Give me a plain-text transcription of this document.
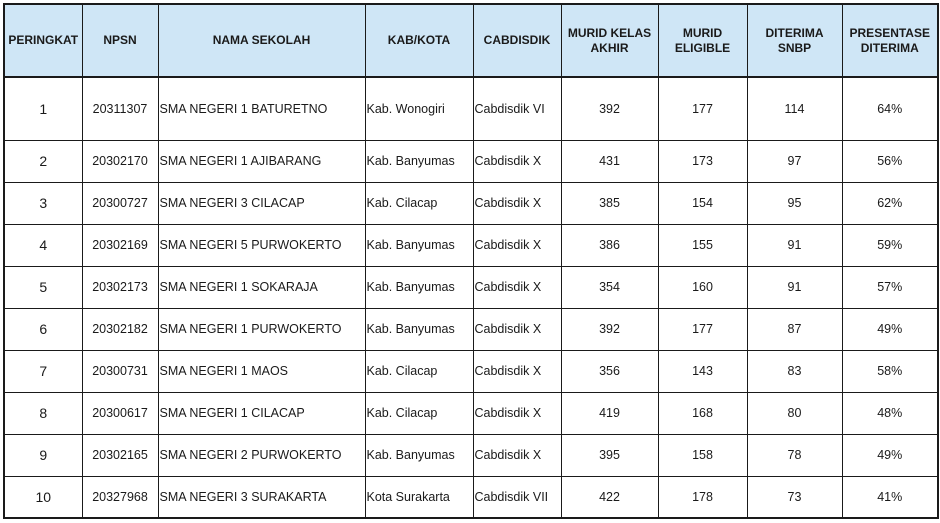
PERINGKAT	NPSN	NAMA SEKOLAH	KAB/KOTA	CABDISDIK	MURID KELAS AKHIR	MURID ELIGIBLE	DITERIMA SNBP	PRESENTASE DITERIMA
1	20311307	SMA NEGERI 1 BATURETNO	Kab. Wonogiri	Cabdisdik VI	392	177	114	64%
2	20302170	SMA NEGERI 1 AJIBARANG	Kab. Banyumas	Cabdisdik X	431	173	97	56%
3	20300727	SMA NEGERI 3 CILACAP	Kab. Cilacap	Cabdisdik X	385	154	95	62%
4	20302169	SMA NEGERI 5 PURWOKERTO	Kab. Banyumas	Cabdisdik X	386	155	91	59%
5	20302173	SMA NEGERI 1 SOKARAJA	Kab. Banyumas	Cabdisdik X	354	160	91	57%
6	20302182	SMA NEGERI 1 PURWOKERTO	Kab. Banyumas	Cabdisdik X	392	177	87	49%
7	20300731	SMA NEGERI 1 MAOS	Kab. Cilacap	Cabdisdik X	356	143	83	58%
8	20300617	SMA NEGERI 1 CILACAP	Kab. Cilacap	Cabdisdik X	419	168	80	48%
9	20302165	SMA NEGERI 2 PURWOKERTO	Kab. Banyumas	Cabdisdik X	395	158	78	49%
10	20327968	SMA NEGERI 3 SURAKARTA	Kota Surakarta	Cabdisdik VII	422	178	73	41%
